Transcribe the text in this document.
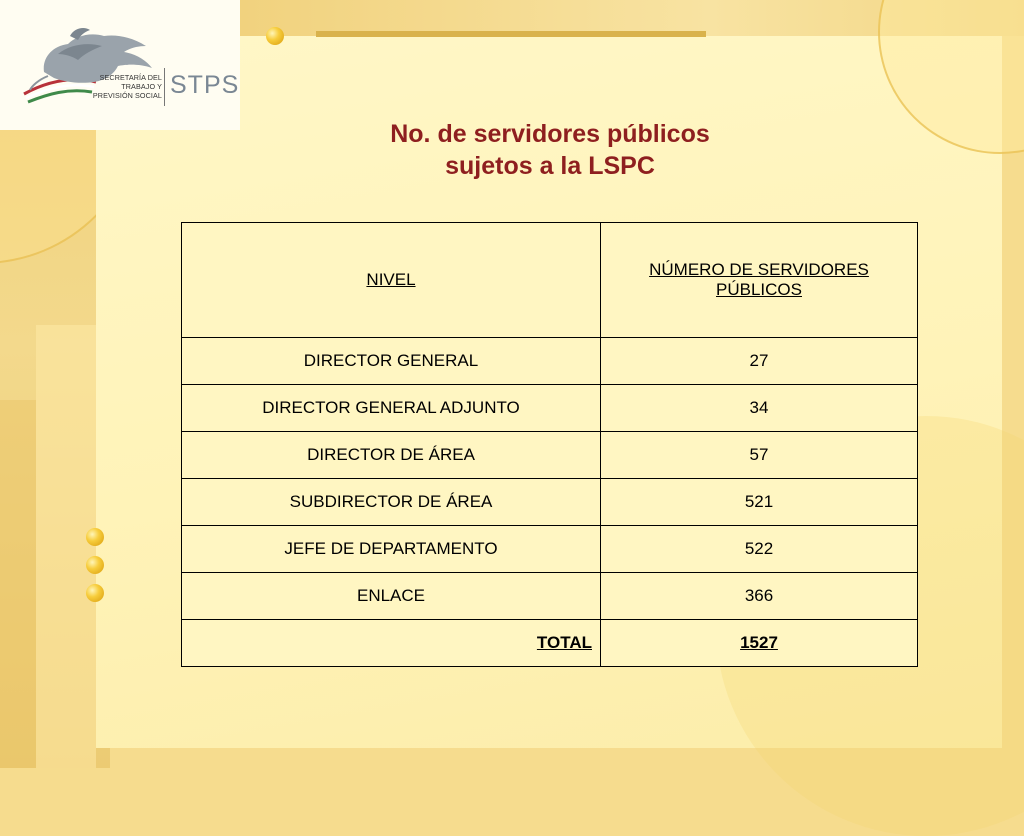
SECRETARÍA DEL
TRABAJO Y
PREVISIÓN SOCIAL STPS
No. de servidores públicos
sujetos a la LSPC
NIVEL	NÚMERO DE SERVIDORES PÚBLICOS
DIRECTOR GENERAL	27
DIRECTOR GENERAL ADJUNTO	34
DIRECTOR DE ÁREA	57
SUBDIRECTOR DE ÁREA	521
JEFE DE DEPARTAMENTO	522
ENLACE	366
TOTAL	1527
